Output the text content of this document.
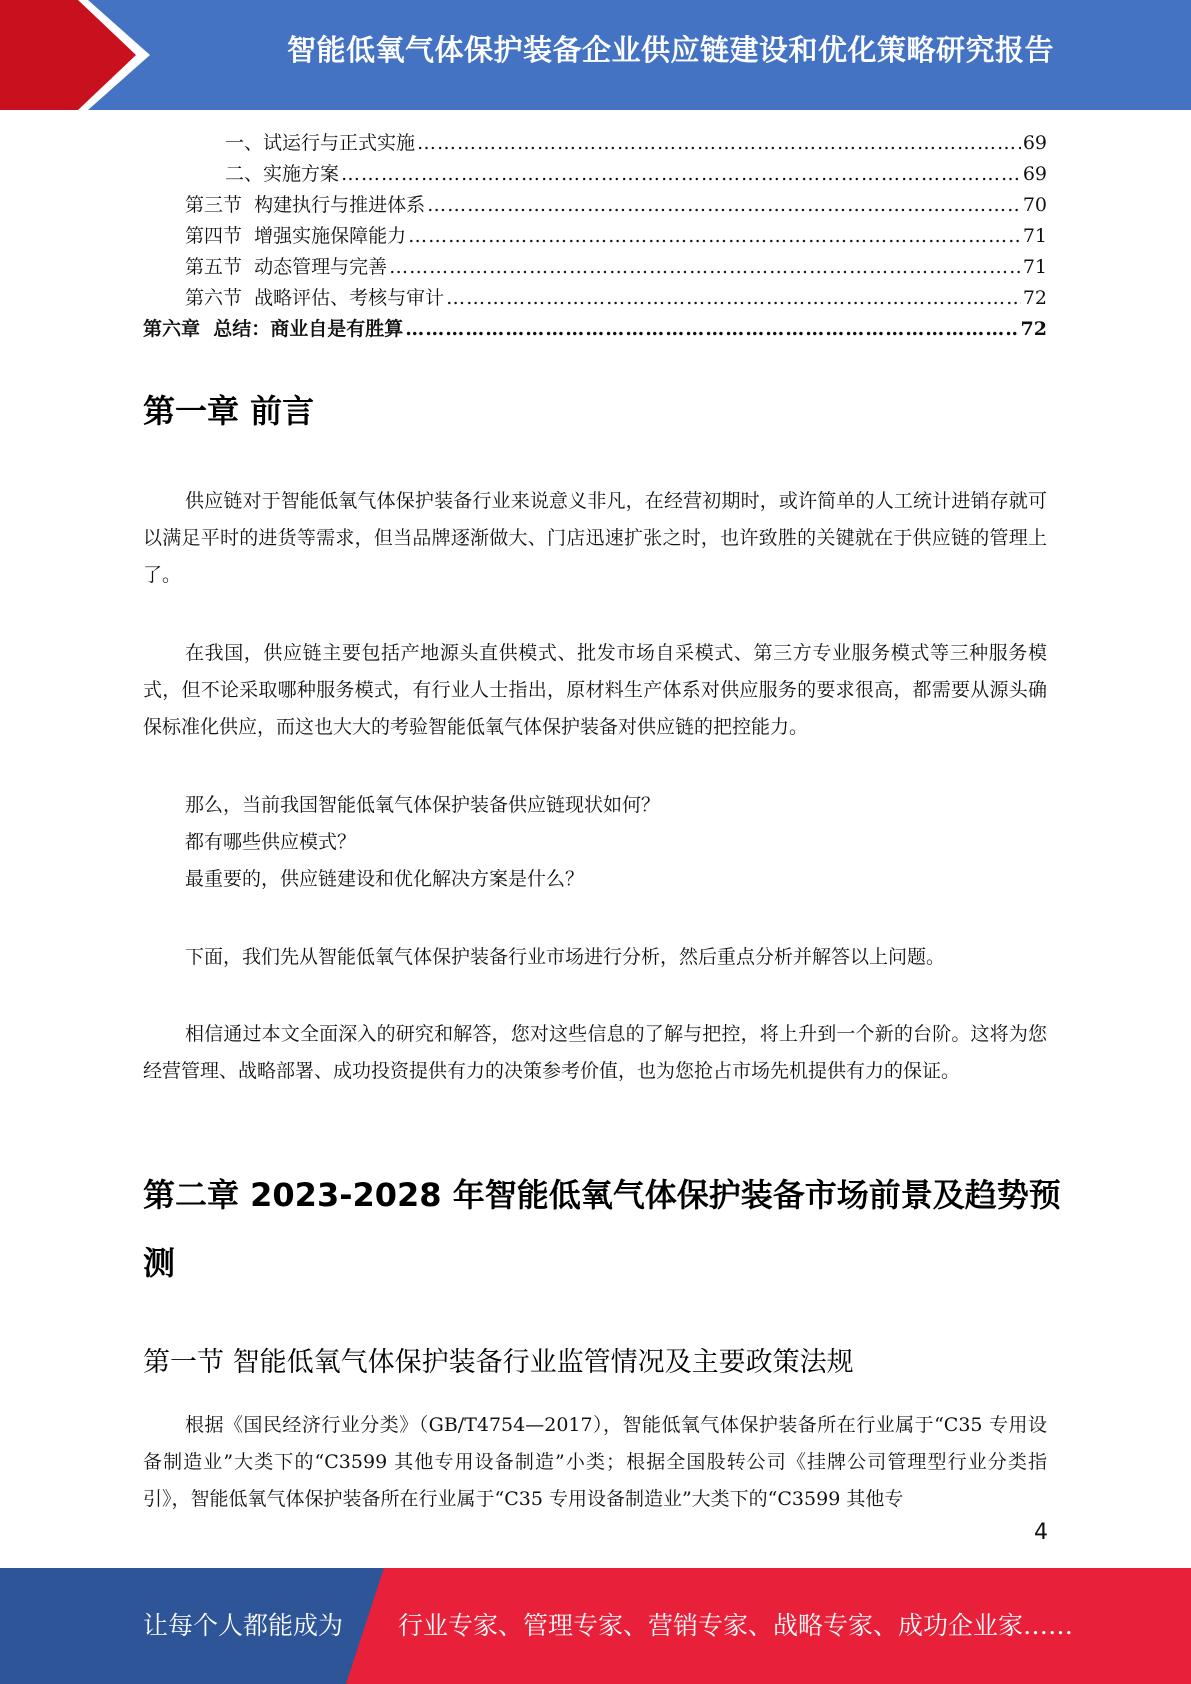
智能低氧气体保护装备企业供应链建设和优化策略研究报告
一、试运行与正式实施 …………………………………………………………………………………………………………………………………………………………………………………………………………………………	69
二、实施方案 …………………………………………………………………………………………………………………………………………………………………………………………………………………………	69
第三节  构建执行与推进体系 …………………………………………………………………………………………………………………………………………………………………………………………………………………………	70
第四节  增强实施保障能力 …………………………………………………………………………………………………………………………………………………………………………………………………………………………	71
第五节  动态管理与完善 …………………………………………………………………………………………………………………………………………………………………………………………………………………………	71
第六节  战略评估、考核与审计 …………………………………………………………………………………………………………………………………………………………………………………………………………………………	72
第六章  总结：商业自是有胜算 …………………………………………………………………………………………………………………………………………………………………………………………………………………………	72
第一章 前言

供应链对于智能低氧气体保护装备行业来说意义非凡，在经营初期时，或许简单的人工统计进销存就可以满足平时的进货等需求，但当品牌逐渐做大、门店迅速扩张之时，也许致胜的关键就在于供应链的管理上了。

在我国，供应链主要包括产地源头直供模式、批发市场自采模式、第三方专业服务模式等三种服务模式，但不论采取哪种服务模式，有行业人士指出，原材料生产体系对供应服务的要求很高，都需要从源头确保标准化供应，而这也大大的考验智能低氧气体保护装备对供应链的把控能力。

那么，当前我国智能低氧气体保护装备供应链现状如何？

都有哪些供应模式？

最重要的，供应链建设和优化解决方案是什么？

下面，我们先从智能低氧气体保护装备行业市场进行分析，然后重点分析并解答以上问题。

相信通过本文全面深入的研究和解答，您对这些信息的了解与把控，将上升到一个新的台阶。这将为您经营管理、战略部署、成功投资提供有力的决策参考价值，也为您抢占市场先机提供有力的保证。

第二章 2023-2028 年智能低氧气体保护装备市场前景及趋势预
测
第一节 智能低氧气体保护装备行业监管情况及主要政策法规

根据《国民经济行业分类》（GB/T4754—2017），智能低氧气体保护装备所在行业属于“C35 专用设备制造业”大类下的“C3599 其他专用设备制造”小类；根据全国股转公司《挂牌公司管理型行业分类指引》，智能低氧气体保护装备所在行业属于“C35 专用设备制造业”大类下的“C3599 其他专

4
让每个人都能成为 行业专家、管理专家、营销专家、战略专家、成功企业家……
